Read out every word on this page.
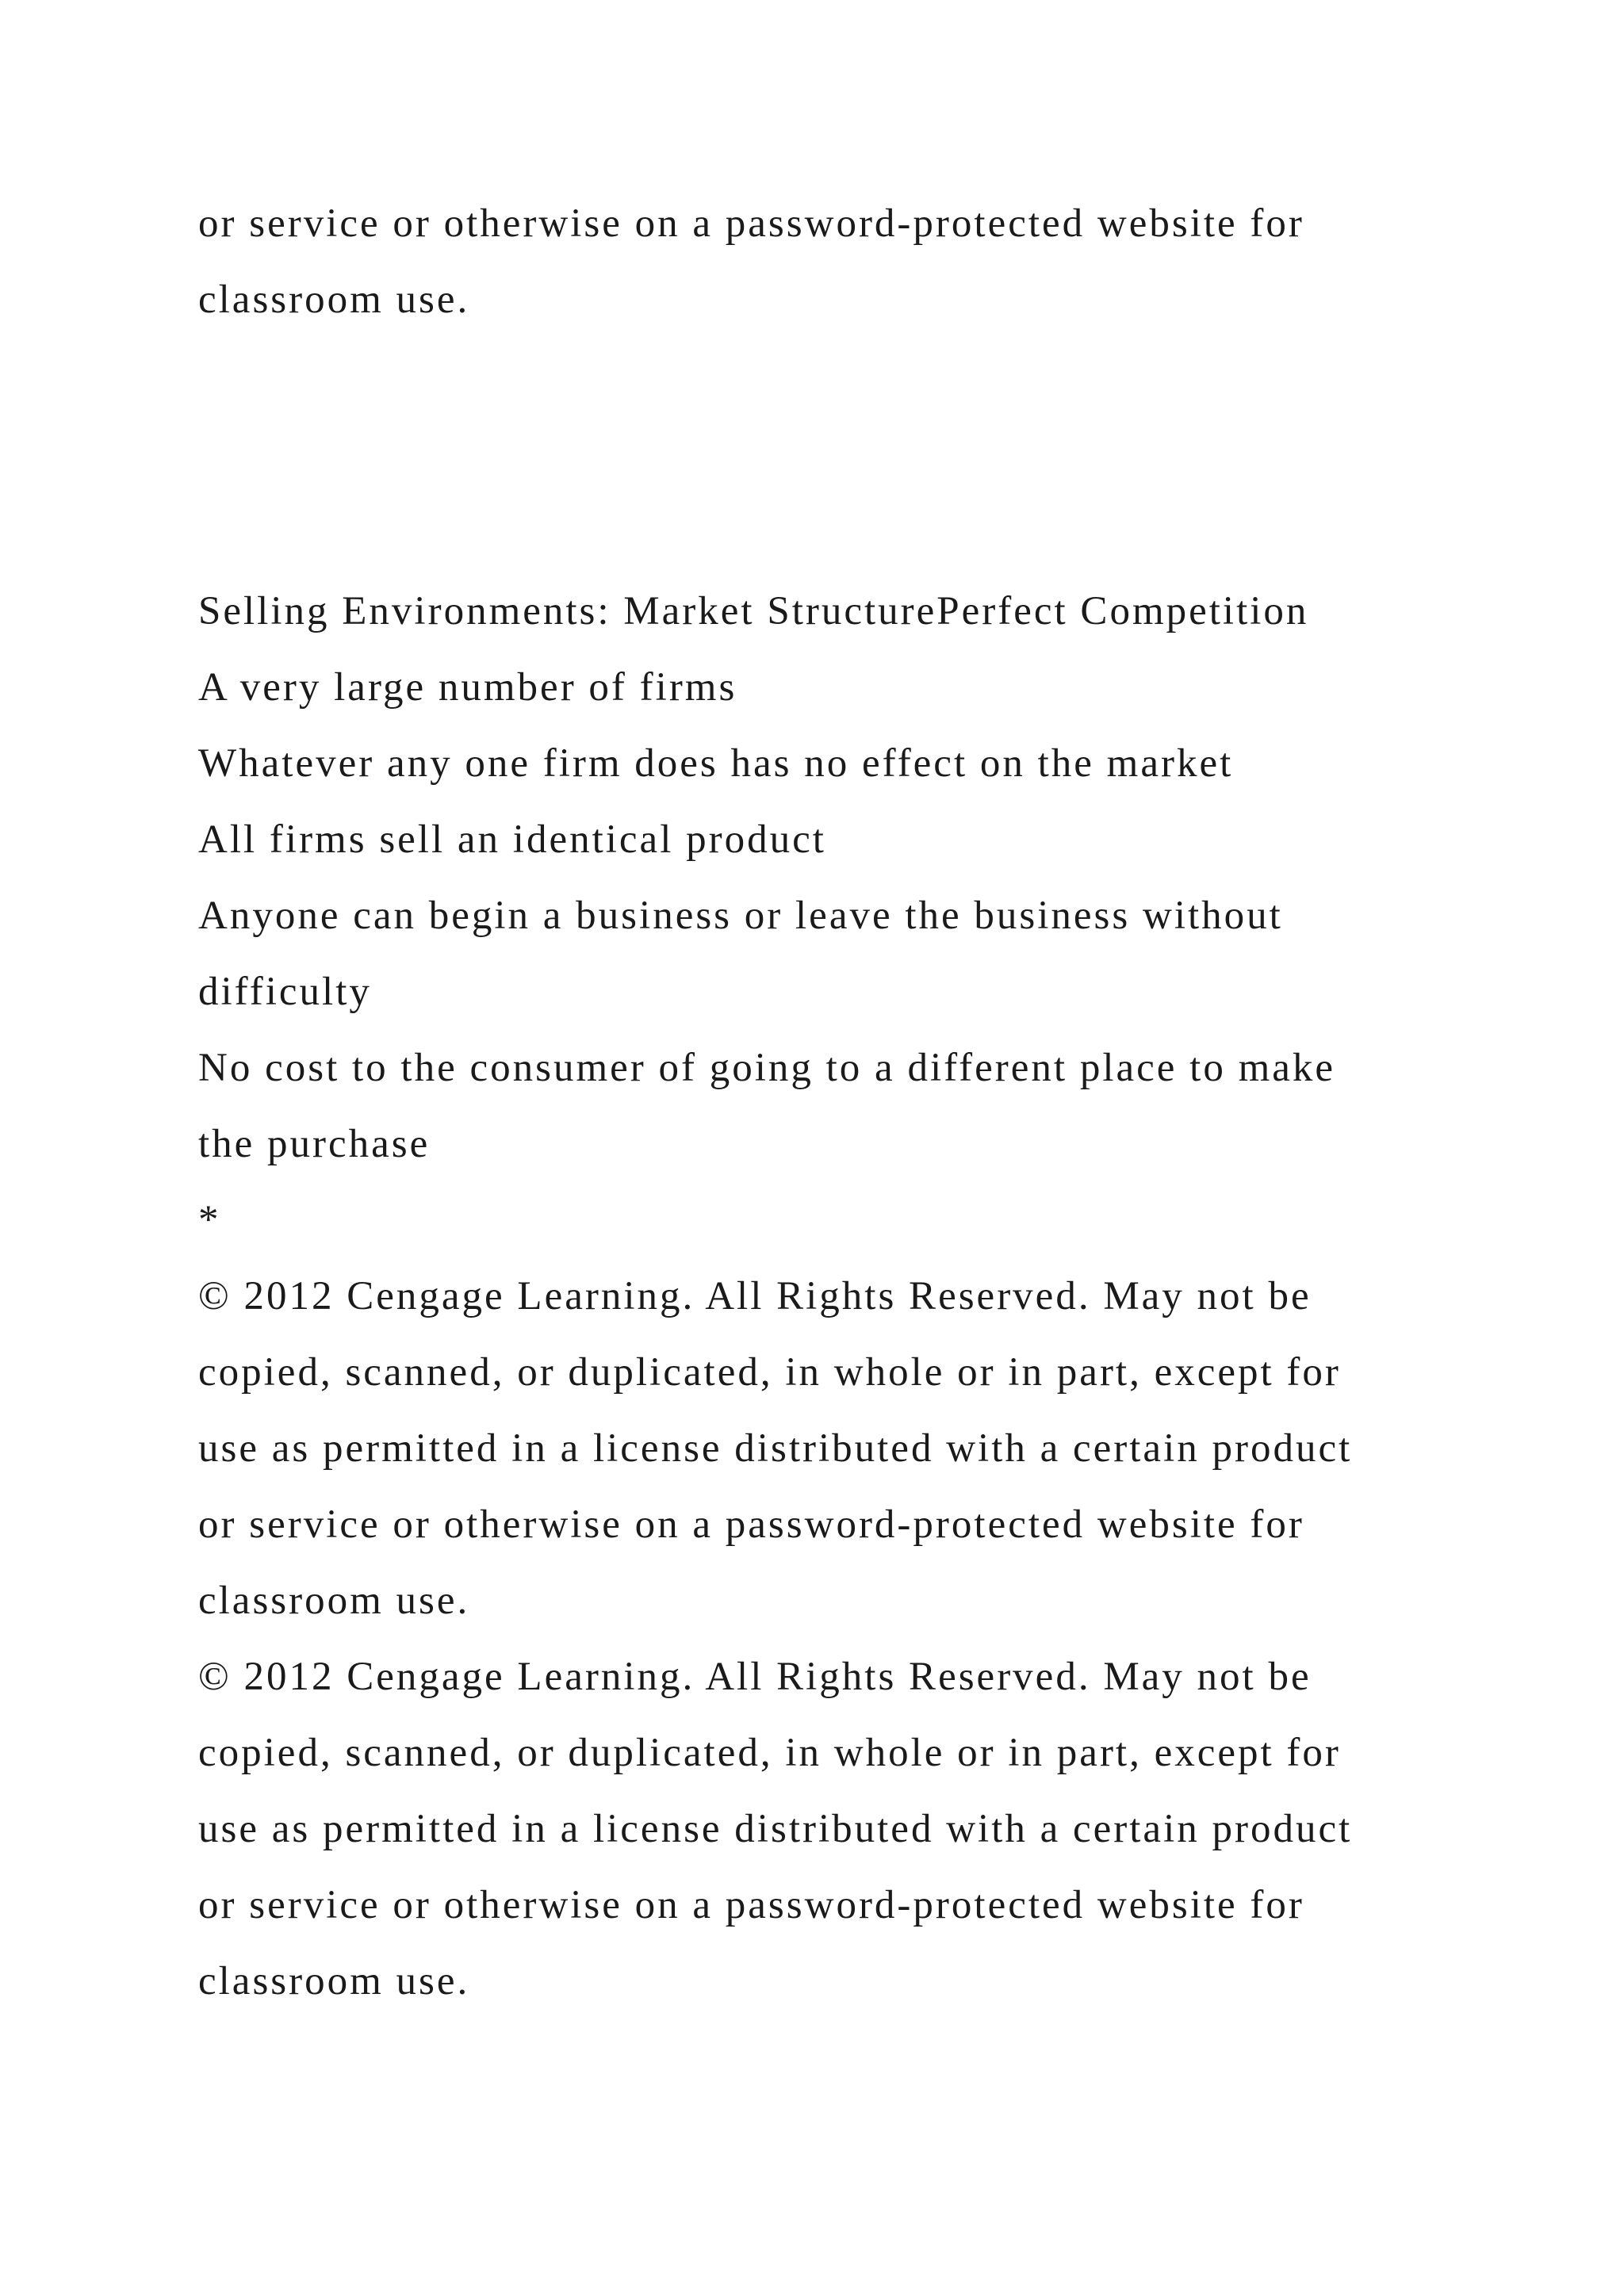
or service or otherwise on a password-protected website for
classroom use.
Selling Environments: Market StructurePerfect Competition
A very large number of firms
Whatever any one firm does has no effect on the market
All firms sell an identical product
Anyone can begin a business or leave the business without
difficulty
No cost to the consumer of going to a different place to make
the purchase
*
© 2012 Cengage Learning. All Rights Reserved. May not be
copied, scanned, or duplicated, in whole or in part, except for
use as permitted in a license distributed with a certain product
or service or otherwise on a password-protected website for
classroom use.
© 2012 Cengage Learning. All Rights Reserved. May not be
copied, scanned, or duplicated, in whole or in part, except for
use as permitted in a license distributed with a certain product
or service or otherwise on a password-protected website for
classroom use.
